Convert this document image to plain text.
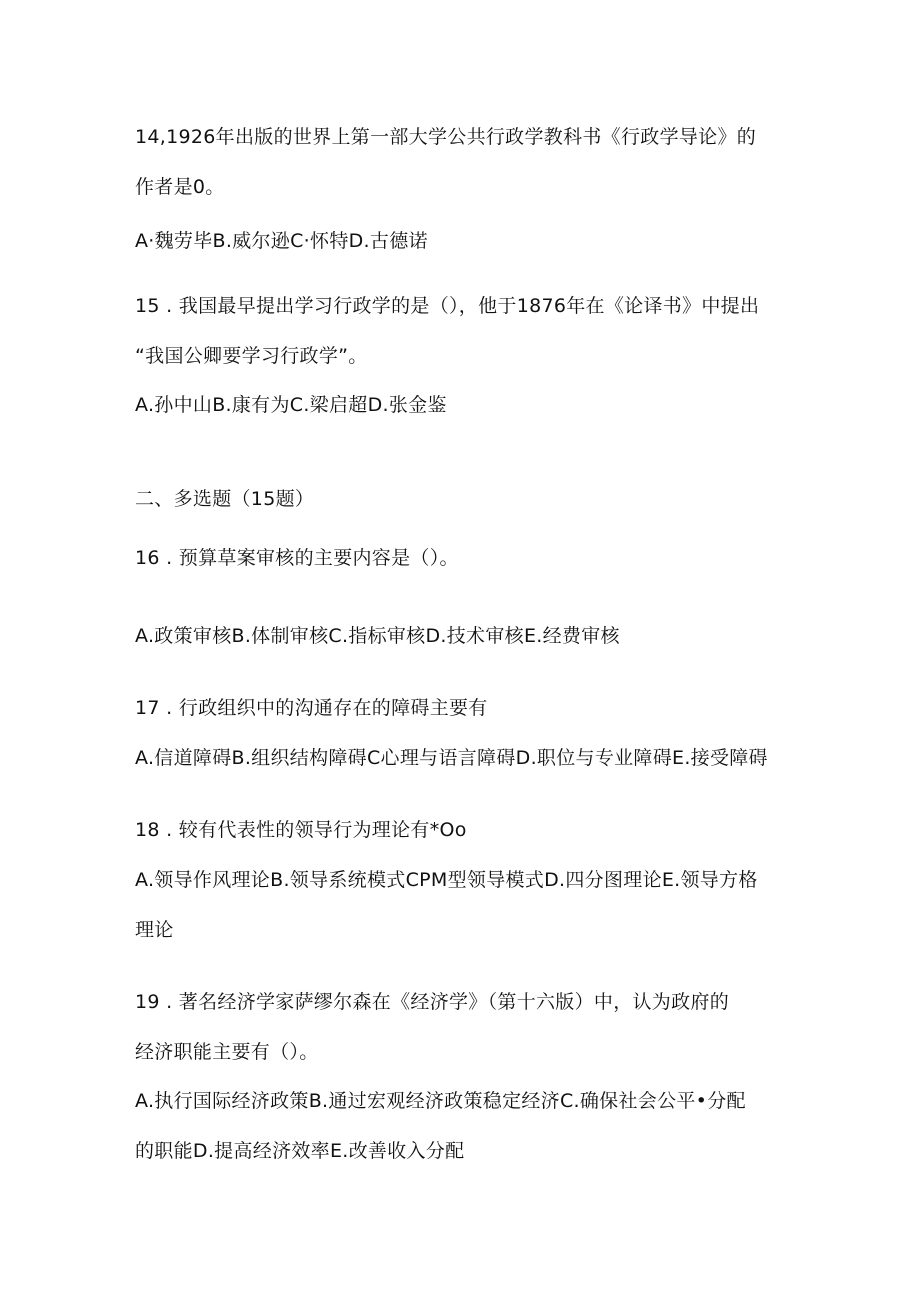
14,1926年出版的世界上第一部大学公共行政学教科书《行政学导论》的
作者是0。
A·魏劳毕B.威尔逊C·怀特D.古德诺
15 . 我国最早提出学习行政学的是（），他于1876年在《论译书》中提出
“我国公卿要学习行政学”。
A.孙中山B.康有为C.梁启超D.张金鉴
二、多选题（15题）
16 . 预算草案审核的主要内容是（）。
A.政策审核B.体制审核C.指标审核D.技术审核E.经费审核
17 . 行政组织中的沟通存在的障碍主要有
A.信道障碍B.组织结构障碍C心理与语言障碍D.职位与专业障碍E.接受障碍
18 . 较有代表性的领导行为理论有*Oo
A.领导作风理论B.领导系统模式CPM型领导模式D.四分图理论E.领导方格
理论
19 . 著名经济学家萨缪尔森在《经济学》（第十六版）中，认为政府的
经济职能主要有（）。
A.执行国际经济政策B.通过宏观经济政策稳定经济C.确保社会公平•分配
的职能D.提高经济效率E.改善收入分配
